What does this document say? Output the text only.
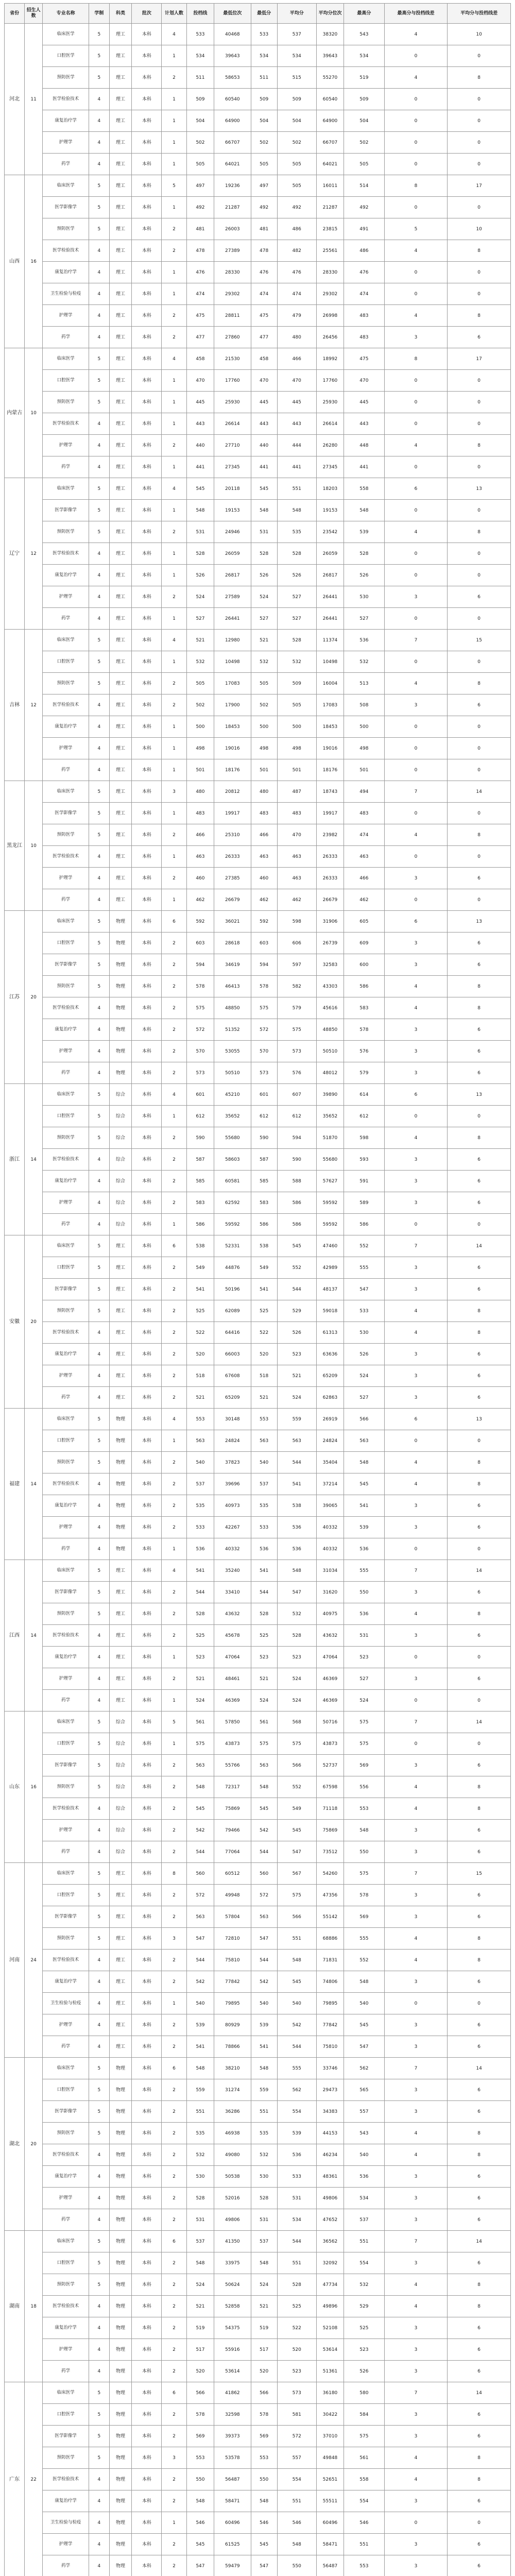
省份	招生人数	专业名称	学制	科类	批次	计划人数	投档线	最低位次	最低分	平均分	平均分位次	最高分	最高分与投档线差	平均分与投档线差
河北	11	临床医学	5	理工	本科	4	533	40468	533	537	38320	543	4	10
		口腔医学	5	理工	本科	1	534	39643	534	534	39643	534	0	0
		预防医学	5	理工	本科	2	511	58653	511	515	55270	519	4	8
		医学检验技术	4	理工	本科	1	509	60540	509	509	60540	509	0	0
		康复治疗学	4	理工	本科	1	504	64900	504	504	64900	504	0	0
		护理学	4	理工	本科	1	502	66707	502	502	66707	502	0	0
		药学	4	理工	本科	1	505	64021	505	505	64021	505	0	0
山西	16	临床医学	5	理工	本科	5	497	19236	497	505	16011	514	8	17
		医学影像学	5	理工	本科	1	492	21287	492	492	21287	492	0	0
		预防医学	5	理工	本科	2	481	26003	481	486	23815	491	5	10
		医学检验技术	4	理工	本科	2	478	27389	478	482	25561	486	4	8
		康复治疗学	4	理工	本科	1	476	28330	476	476	28330	476	0	0
		卫生检验与检疫	4	理工	本科	1	474	29302	474	474	29302	474	0	0
		护理学	4	理工	本科	2	475	28811	475	479	26998	483	4	8
		药学	4	理工	本科	2	477	27860	477	480	26456	483	3	6
内蒙古	10	临床医学	5	理工	本科	4	458	21530	458	466	18992	475	8	17
		口腔医学	5	理工	本科	1	470	17760	470	470	17760	470	0	0
		预防医学	5	理工	本科	1	445	25930	445	445	25930	445	0	0
		医学检验技术	4	理工	本科	1	443	26614	443	443	26614	443	0	0
		护理学	4	理工	本科	2	440	27710	440	444	26280	448	4	8
		药学	4	理工	本科	1	441	27345	441	441	27345	441	0	0
辽宁	12	临床医学	5	理工	本科	4	545	20118	545	551	18203	558	6	13
		医学影像学	5	理工	本科	1	548	19153	548	548	19153	548	0	0
		预防医学	5	理工	本科	2	531	24946	531	535	23542	539	4	8
		医学检验技术	4	理工	本科	1	528	26059	528	528	26059	528	0	0
		康复治疗学	4	理工	本科	1	526	26817	526	526	26817	526	0	0
		护理学	4	理工	本科	2	524	27589	524	527	26441	530	3	6
		药学	4	理工	本科	1	527	26441	527	527	26441	527	0	0
吉林	12	临床医学	5	理工	本科	4	521	12980	521	528	11374	536	7	15
		口腔医学	5	理工	本科	1	532	10498	532	532	10498	532	0	0
		预防医学	5	理工	本科	2	505	17083	505	509	16004	513	4	8
		医学检验技术	4	理工	本科	2	502	17900	502	505	17083	508	3	6
		康复治疗学	4	理工	本科	1	500	18453	500	500	18453	500	0	0
		护理学	4	理工	本科	1	498	19016	498	498	19016	498	0	0
		药学	4	理工	本科	1	501	18176	501	501	18176	501	0	0
黑龙江	10	临床医学	5	理工	本科	3	480	20812	480	487	18743	494	7	14
		医学影像学	5	理工	本科	1	483	19917	483	483	19917	483	0	0
		预防医学	5	理工	本科	2	466	25310	466	470	23982	474	4	8
		医学检验技术	4	理工	本科	1	463	26333	463	463	26333	463	0	0
		护理学	4	理工	本科	2	460	27385	460	463	26333	466	3	6
		药学	4	理工	本科	1	462	26679	462	462	26679	462	0	0
江苏	20	临床医学	5	物理	本科	6	592	36021	592	598	31906	605	6	13
		口腔医学	5	物理	本科	2	603	28618	603	606	26739	609	3	6
		医学影像学	5	物理	本科	2	594	34619	594	597	32583	600	3	6
		预防医学	5	物理	本科	2	578	46413	578	582	43303	586	4	8
		医学检验技术	4	物理	本科	2	575	48850	575	579	45616	583	4	8
		康复治疗学	4	物理	本科	2	572	51352	572	575	48850	578	3	6
		护理学	4	物理	本科	2	570	53055	570	573	50510	576	3	6
		药学	4	物理	本科	2	573	50510	573	576	48012	579	3	6
浙江	14	临床医学	5	综合	本科	4	601	45210	601	607	39890	614	6	13
		口腔医学	5	综合	本科	1	612	35652	612	612	35652	612	0	0
		预防医学	5	综合	本科	2	590	55680	590	594	51870	598	4	8
		医学检验技术	4	综合	本科	2	587	58603	587	590	55680	593	3	6
		康复治疗学	4	综合	本科	2	585	60581	585	588	57627	591	3	6
		护理学	4	综合	本科	2	583	62592	583	586	59592	589	3	6
		药学	4	综合	本科	1	586	59592	586	586	59592	586	0	0
安徽	20	临床医学	5	理工	本科	6	538	52331	538	545	47460	552	7	14
		口腔医学	5	理工	本科	2	549	44876	549	552	42989	555	3	6
		医学影像学	5	理工	本科	2	541	50196	541	544	48137	547	3	6
		预防医学	5	理工	本科	2	525	62089	525	529	59018	533	4	8
		医学检验技术	4	理工	本科	2	522	64416	522	526	61313	530	4	8
		康复治疗学	4	理工	本科	2	520	66003	520	523	63636	526	3	6
		护理学	4	理工	本科	2	518	67608	518	521	65209	524	3	6
		药学	4	理工	本科	2	521	65209	521	524	62863	527	3	6
福建	14	临床医学	5	物理	本科	4	553	30148	553	559	26919	566	6	13
		口腔医学	5	物理	本科	1	563	24824	563	563	24824	563	0	0
		预防医学	5	物理	本科	2	540	37823	540	544	35404	548	4	8
		医学检验技术	4	物理	本科	2	537	39696	537	541	37214	545	4	8
		康复治疗学	4	物理	本科	2	535	40973	535	538	39065	541	3	6
		护理学	4	物理	本科	2	533	42267	533	536	40332	539	3	6
		药学	4	物理	本科	1	536	40332	536	536	40332	536	0	0
江西	14	临床医学	5	理工	本科	4	541	35240	541	548	31034	555	7	14
		医学影像学	5	理工	本科	2	544	33410	544	547	31620	550	3	6
		预防医学	5	理工	本科	2	528	43632	528	532	40975	536	4	8
		医学检验技术	4	理工	本科	2	525	45678	525	528	43632	531	3	6
		康复治疗学	4	理工	本科	1	523	47064	523	523	47064	523	0	0
		护理学	4	理工	本科	2	521	48461	521	524	46369	527	3	6
		药学	4	理工	本科	1	524	46369	524	524	46369	524	0	0
山东	16	临床医学	5	综合	本科	5	561	57850	561	568	50716	575	7	14
		口腔医学	5	综合	本科	1	575	43873	575	575	43873	575	0	0
		医学影像学	5	综合	本科	2	563	55766	563	566	52737	569	3	6
		预防医学	5	综合	本科	2	548	72317	548	552	67598	556	4	8
		医学检验技术	4	综合	本科	2	545	75869	545	549	71118	553	4	8
		护理学	4	综合	本科	2	542	79466	542	545	75869	548	3	6
		药学	4	综合	本科	2	544	77064	544	547	73512	550	3	6
河南	24	临床医学	5	理工	本科	8	560	60512	560	567	54260	575	7	15
		口腔医学	5	理工	本科	2	572	49948	572	575	47356	578	3	6
		医学影像学	5	理工	本科	2	563	57804	563	566	55142	569	3	6
		预防医学	5	理工	本科	3	547	72810	547	551	68886	555	4	8
		医学检验技术	4	理工	本科	2	544	75810	544	548	71831	552	4	8
		康复治疗学	4	理工	本科	2	542	77842	542	545	74806	548	3	6
		卫生检验与检疫	4	理工	本科	1	540	79895	540	540	79895	540	0	0
		护理学	4	理工	本科	2	539	80929	539	542	77842	545	3	6
		药学	4	理工	本科	2	541	78866	541	544	75810	547	3	6
湖北	20	临床医学	5	物理	本科	6	548	38210	548	555	33746	562	7	14
		口腔医学	5	物理	本科	2	559	31274	559	562	29473	565	3	6
		医学影像学	5	物理	本科	2	551	36286	551	554	34383	557	3	6
		预防医学	5	物理	本科	2	535	46938	535	539	44153	543	4	8
		医学检验技术	4	物理	本科	2	532	49080	532	536	46234	540	4	8
		康复治疗学	4	物理	本科	2	530	50538	530	533	48361	536	3	6
		护理学	4	物理	本科	2	528	52016	528	531	49806	534	3	6
		药学	4	物理	本科	2	531	49806	531	534	47652	537	3	6
湖南	18	临床医学	5	物理	本科	6	537	41350	537	544	36562	551	7	14
		口腔医学	5	物理	本科	2	548	33975	548	551	32092	554	3	6
		预防医学	5	物理	本科	2	524	50624	524	528	47734	532	4	8
		医学检验技术	4	物理	本科	2	521	52858	521	525	49896	529	4	8
		康复治疗学	4	物理	本科	2	519	54375	519	522	52108	525	3	6
		护理学	4	物理	本科	2	517	55916	517	520	53614	523	3	6
		药学	4	物理	本科	2	520	53614	520	523	51361	526	3	6
广东	22	临床医学	5	物理	本科	6	566	41862	566	573	36180	580	7	14
		口腔医学	5	物理	本科	2	578	32598	578	581	30422	584	3	6
		医学影像学	5	物理	本科	2	569	39373	569	572	37010	575	3	6
		预防医学	5	物理	本科	3	553	53578	553	557	49848	561	4	8
		医学检验技术	4	物理	本科	2	550	56487	550	554	52651	558	4	8
		康复治疗学	4	物理	本科	2	548	58471	548	551	55511	554	3	6
		卫生检验与检疫	4	物理	本科	1	546	60496	546	546	60496	546	0	0
		护理学	4	物理	本科	2	545	61525	545	548	58471	551	3	6
		药学	4	物理	本科	2	547	59479	547	550	56487	553	3	6
